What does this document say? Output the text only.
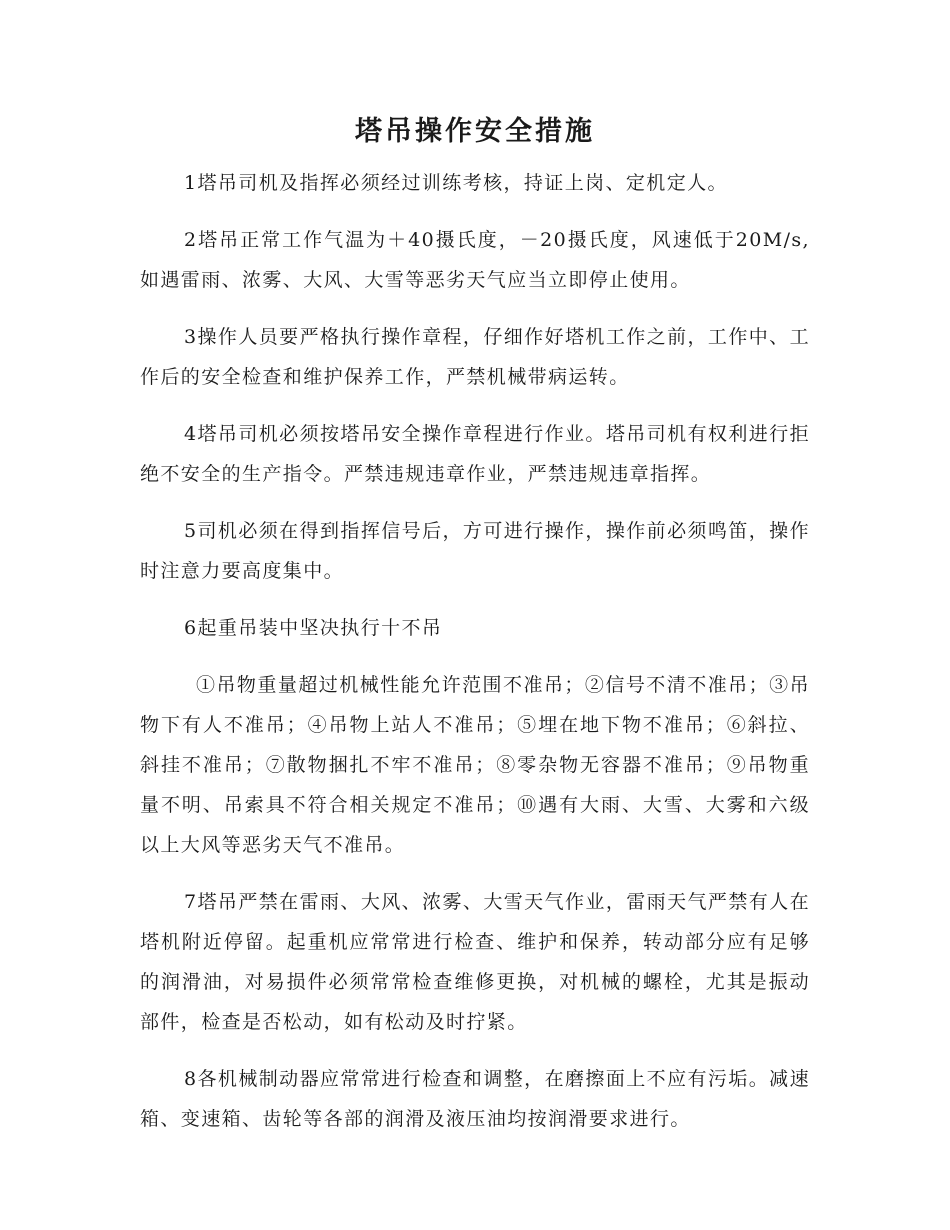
塔吊操作安全措施

1塔吊司机及指挥必须经过训练考核，持证上岗、定机定人。

2塔吊正常工作气温为＋40摄氏度，－20摄氏度，风速低于20M/s,如遇雷雨、浓雾、大风、大雪等恶劣天气应当立即停止使用。

3操作人员要严格执行操作章程，仔细作好塔机工作之前，工作中、工作后的安全检查和维护保养工作，严禁机械带病运转。

4塔吊司机必须按塔吊安全操作章程进行作业。塔吊司机有权利进行拒绝不安全的生产指令。严禁违规违章作业，严禁违规违章指挥。

5司机必须在得到指挥信号后，方可进行操作，操作前必须鸣笛，操作时注意力要高度集中。

6起重吊装中坚决执行十不吊

①吊物重量超过机械性能允许范围不准吊；②信号不清不准吊；③吊物下有人不准吊；④吊物上站人不准吊；⑤埋在地下物不准吊；⑥斜拉、斜挂不准吊；⑦散物捆扎不牢不准吊；⑧零杂物无容器不准吊；⑨吊物重量不明、吊索具不符合相关规定不准吊；⑩遇有大雨、大雪、大雾和六级以上大风等恶劣天气不准吊。

7塔吊严禁在雷雨、大风、浓雾、大雪天气作业，雷雨天气严禁有人在塔机附近停留。起重机应常常进行检查、维护和保养，转动部分应有足够的润滑油，对易损件必须常常检查维修更换，对机械的螺栓，尤其是振动部件，检查是否松动，如有松动及时拧紧。

8各机械制动器应常常进行检查和调整，在磨擦面上不应有污垢。减速箱、变速箱、齿轮等各部的润滑及液压油均按润滑要求进行。
